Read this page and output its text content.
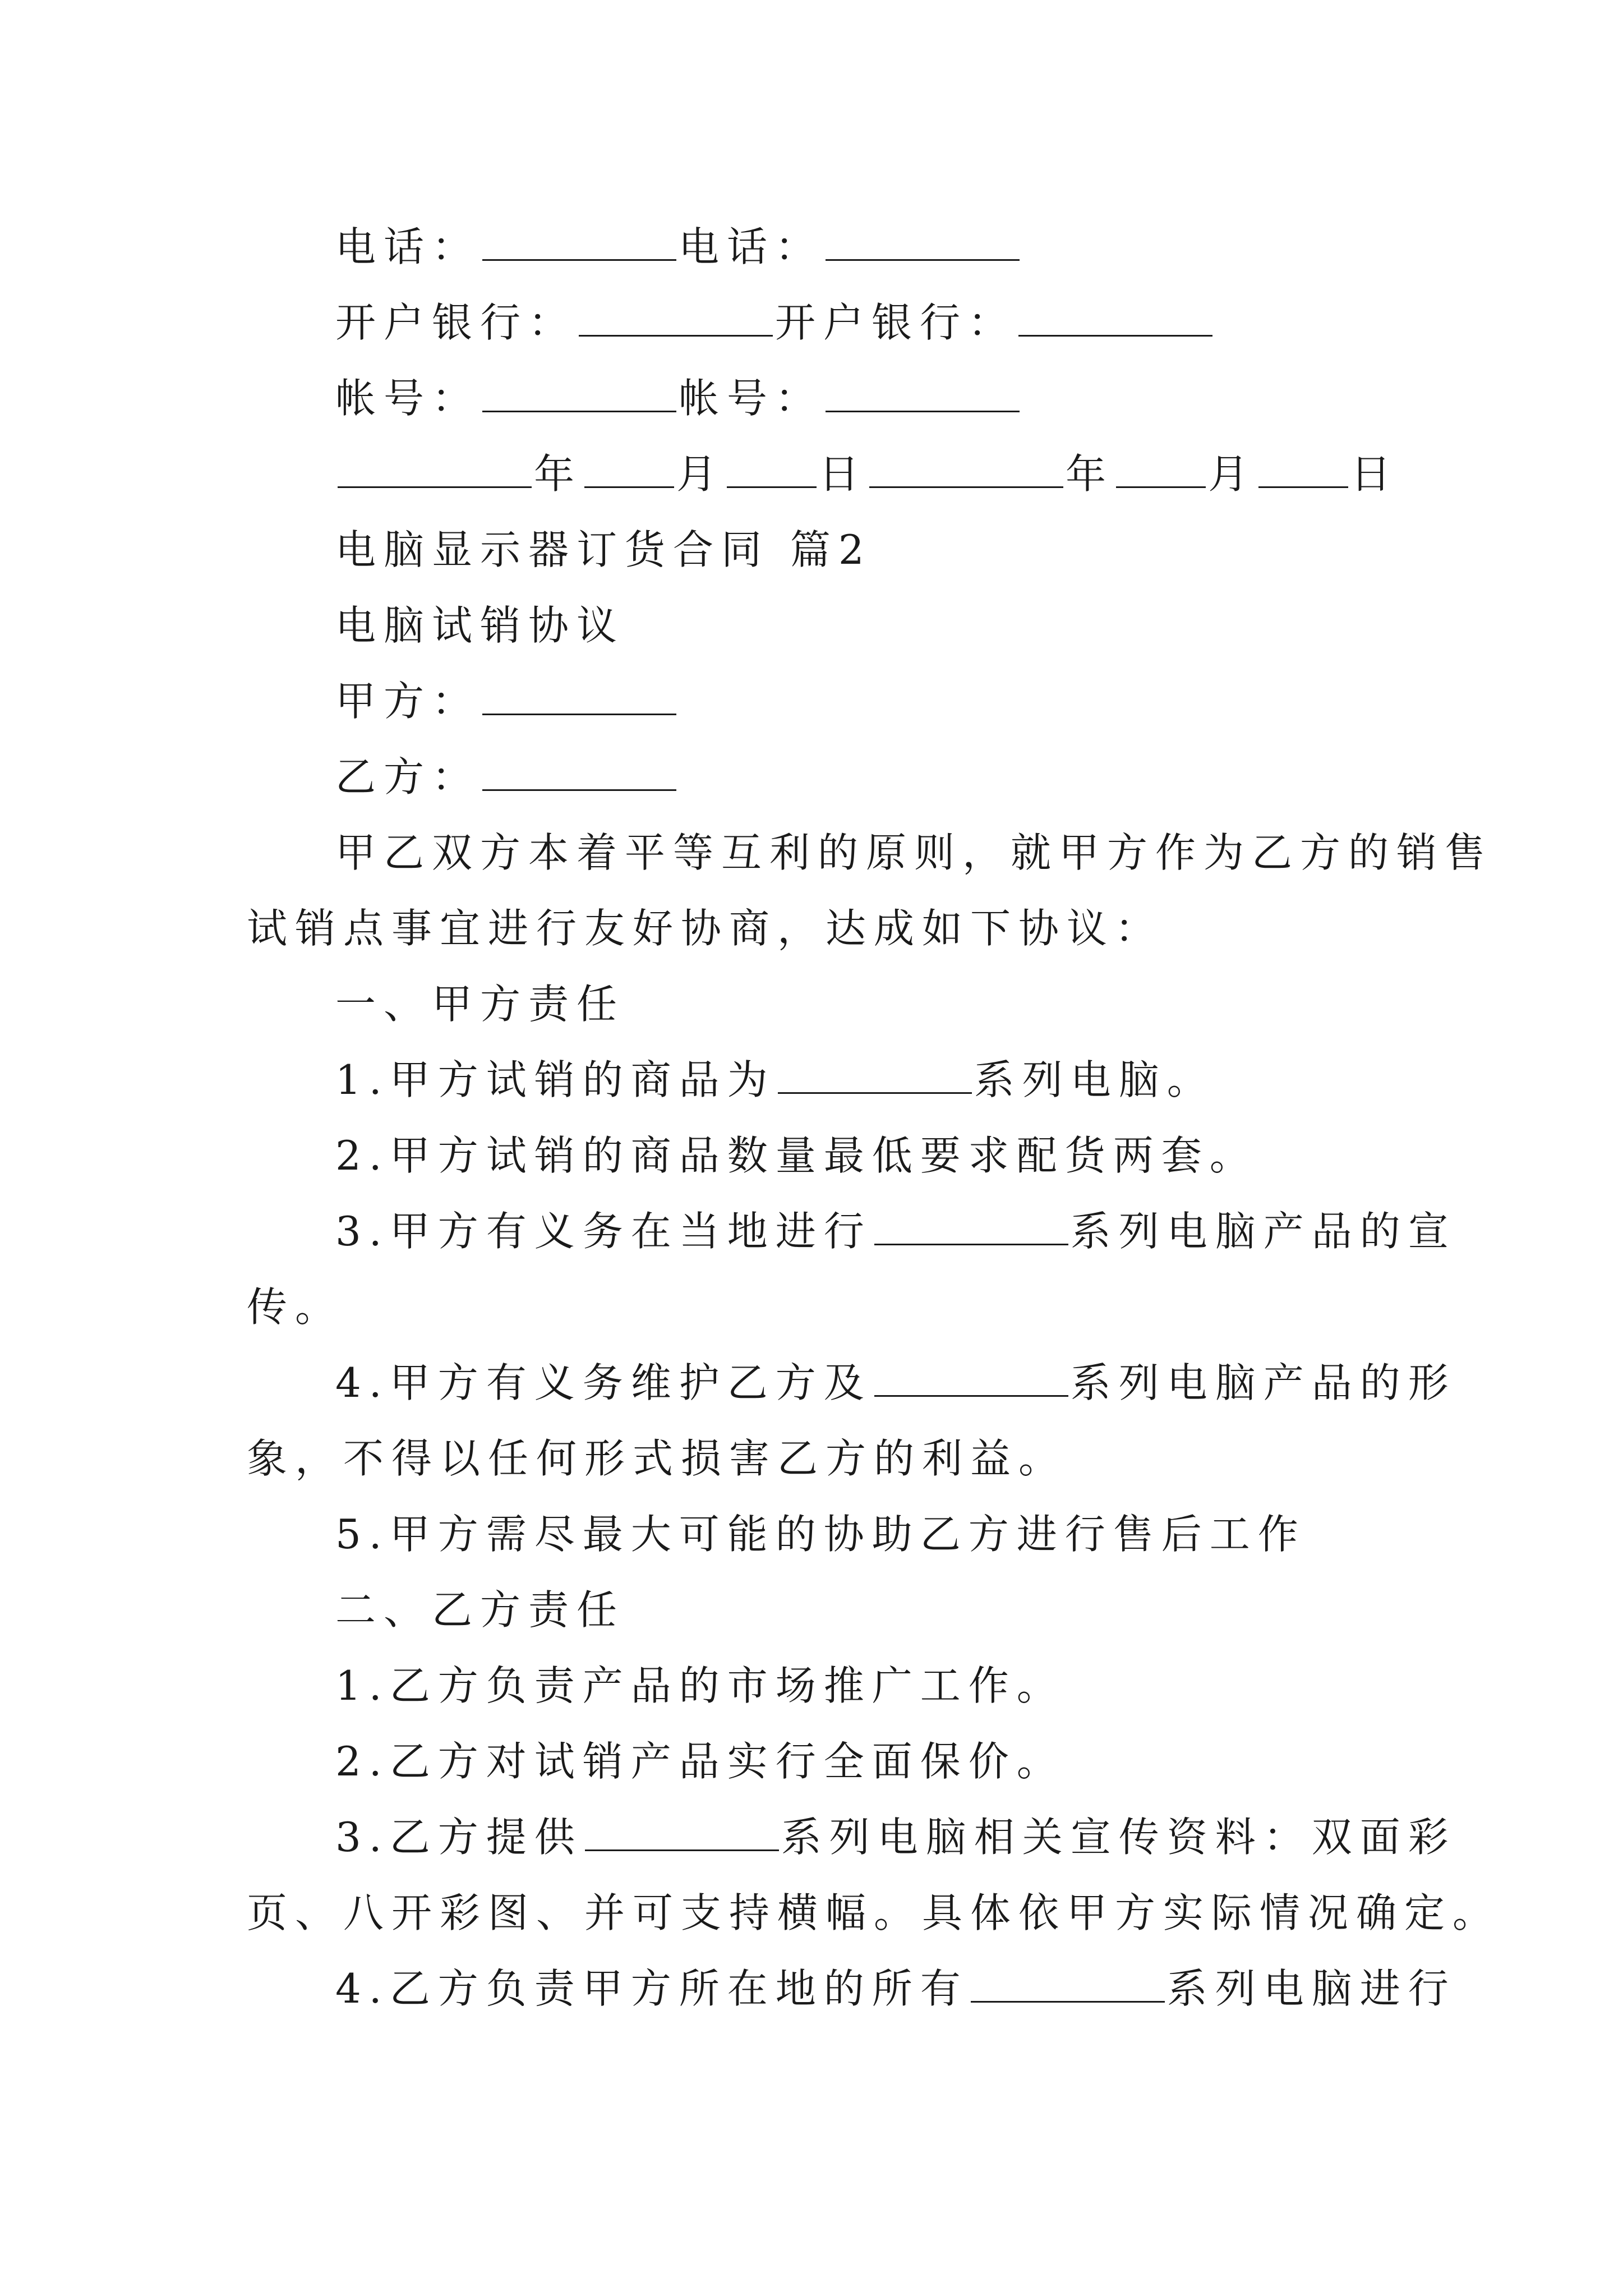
电话：	电话：
开户银行：	开户银行：
帐号：	帐号：
年 月 日	年 月 日
电脑显示器订货合同 篇2
电脑试销协议
甲方：
乙方：
甲乙双方本着平等互利的原则，就甲方作为乙方的销售
试销点事宜进行友好协商，达成如下协议：
一、甲方责任
1.甲方试销的商品为	系列电脑。
2.甲方试销的商品数量最低要求配货两套。
3.甲方有义务在当地进行	系列电脑产品的宣
传。
4.甲方有义务维护乙方及	系列电脑产品的形
象，不得以任何形式损害乙方的利益。
5.甲方需尽最大可能的协助乙方进行售后工作
二、乙方责任
1.乙方负责产品的市场推广工作。
2.乙方对试销产品实行全面保价。
3.乙方提供	系列电脑相关宣传资料：双面彩
页、八开彩图、并可支持横幅。具体依甲方实际情况确定。
4.乙方负责甲方所在地的所有	系列电脑进行
